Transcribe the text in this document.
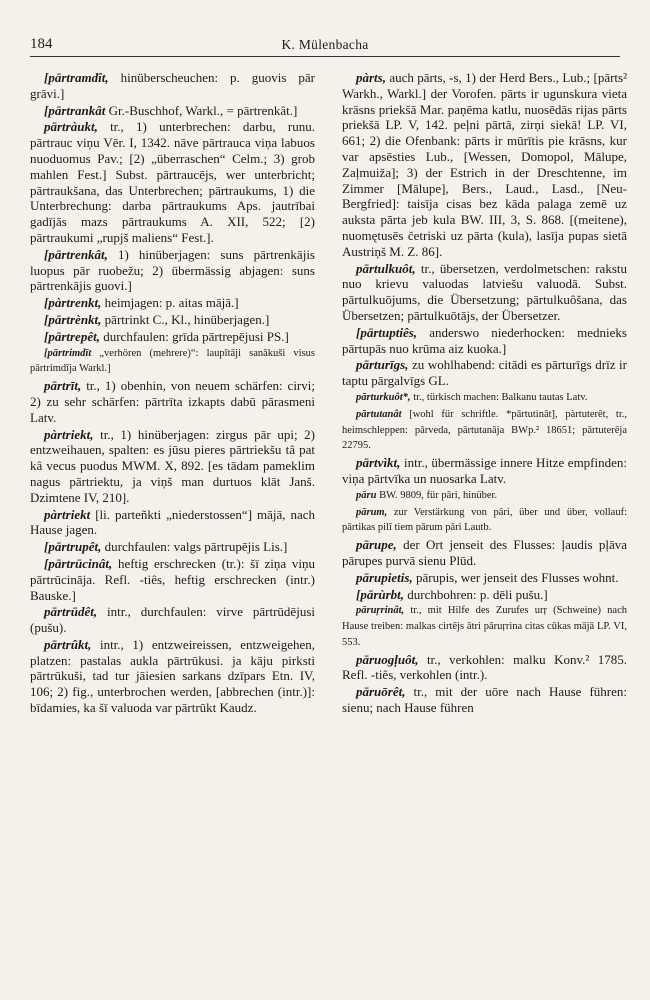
184	K. Mülenbacha
[pārtramdît, hinüberscheuchen: p. guovis pār grāvi.]
[pārtrankât Gr.-Buschhof, Warkl., = pārtrenkât.]
pārtràukt, tr., 1) unterbrechen: darbu, runu. pārtrauc viņu Vēr. I, 1342. nāve pārtrauca viņa labuos nuoduomus Pav.; [2) „überraschen“ Celm.; 3) grob mahlen Fest.] Subst. pārtraucējs, wer unterbricht; pārtraukšana, das Unterbrechen; pārtraukums, 1) die Unterbrechung: darba pārtraukums Aps. jautrībai gadījās mazs pārtraukums A. XII, 522; [2) pārtraukumi „rupjš maliens“ Fest.].
[pārtrenkât, 1) hinüberjagen: suns pārtrenkājis luopus pār ruobežu; 2) übermässig abjagen: suns pārtrenkājis guovi.]
[pàrtrenkt, heimjagen: p. aitas mājā.]
[pārtrènkt, pārtrinkt C., Kl., hinüberjagen.]
[pārtrepêt, durchfaulen: grīda pārtrepējusi PS.]
[pārtrimdīt „verhören (mehrere)“: laupītāji sanākuši visus pārtrimdīja Warkl.]
pārtrīt, tr., 1) obenhin, von neuem schärfen: cirvi; 2) zu sehr schärfen: pārtrīta izkapts dabū pārasmeni Latv.
pàrtriekt, tr., 1) hinüberjagen: zirgus pār upi; 2) entzweihauen, spalten: es jūsu pieres pārtriekšu tâ pat kâ vecus puodus MWM. X, 892. [es tādam pameklim nagus pārtriektu, ja viņš man durtuos klāt Janš. Dzimtene IV, 210].
pàrtriekt [li. parteñkti „niederstossen“] mājā, nach Hause jagen.
[pārtrupêt, durchfaulen: valgs pārtrupējis Lis.]
[pārtrūcinât, heftig erschrecken (tr.): šī ziņa viņu pārtrūcināja. Refl. -tiês, heftig erschrecken (intr.) Bauske.]
pārtrūdêt, intr., durchfaulen: virve pārtrūdējusi (pušu).
pārtrûkt, intr., 1) entzweireissen, entzweigehen, platzen: pastalas aukla pārtrūkusi. ja kāju pirksti pārtrūkuši, tad tur jāiesien sarkans dzīpars Etn. IV, 106; 2) fig., unterbrochen werden, [abbrechen (intr.)]: bīdamies, ka šī valuoda var pārtrūkt Kaudz.
pàrts, auch pārts, -s, 1) der Herd Bers., Lub.; [pārts² Warkh., Warkl.] der Vorofen. pārts ir ugunskura vieta krāsns priekšā Mar. paņēma katlu, nuosēdās rijas pārts priekšā LP. V, 142. peļni pārtā, zirņi siekā! LP. VI, 661; 2) die Ofenbank: pārts ir mūrītis pie krāsns, kur var apsēsties Lub., [Wessen, Domopol, Mālupe, Zaļmuiža]; 3) der Estrich in der Dreschtenne, im Zimmer [Mālupe], Bers., Laud., Lasd., [Neu-Bergfried]: taisīja cisas bez kāda palaga zemē uz auksta pārta jeb kula BW. III, 3, S. 868. [(meitene), nuomętusēs četriski uz pārta (kula), lasīja pupas sietā Austriņš M. Z. 86].
pārtulkuôt, tr., übersetzen, verdolmetschen: rakstu nuo krievu valuodas latviešu valuodā. Subst. pārtulkuōjums, die Übersetzung; pārtulkuôšana, das Übersetzen; pārtulkuōtājs, der Übersetzer.
[pārtuptiês, anderswo niederhocken: mednieks pārtupās nuo krūma aiz kuoka.]
pārturīgs, zu wohlhabend: citādi es pārturīgs drīz ir taptu pārgalvīgs GL.
pārturkuôt*, tr., türkisch machen: Balkanu tautas Latv.
pārtutanât [wohl für schriftle. *pārtutināt], pàrtuterêt, tr., heimschleppen: pārveda, pārtutanāja BWp.² 18651; pārtuterēja 22795.
pārtvìkt, intr., übermässige innere Hitze empfinden: viņa pārtvīka un nuosarka Latv.
pāru BW. 9809, für pāri, hinüber.
pārum, zur Verstärkung von pāri, über und über, vollauf: pārtikas pilī tiem pārum pāri Lautb.
pārupe, der Ort jenseit des Flusses: ļaudis pļāva pārupes purvā sienu Plūd.
pārupietis, pārupis, wer jenseit des Flusses wohnt.
[pārùrbt, durchbohren: p. dēli pušu.]
pāruŗrinât, tr., mit Hilfe des Zurufes urŗ (Schweine) nach Hause treiben: malkas cirtējs ātri pāruŗrina citas cūkas mājā LP. VI, 553.
pāruogļuôt, tr., verkohlen: malku Konv.² 1785. Refl. -tiês, verkohlen (intr.).
pāruōrêt, tr., mit der uōre nach Hause führen: sienu; nach Hause führen
